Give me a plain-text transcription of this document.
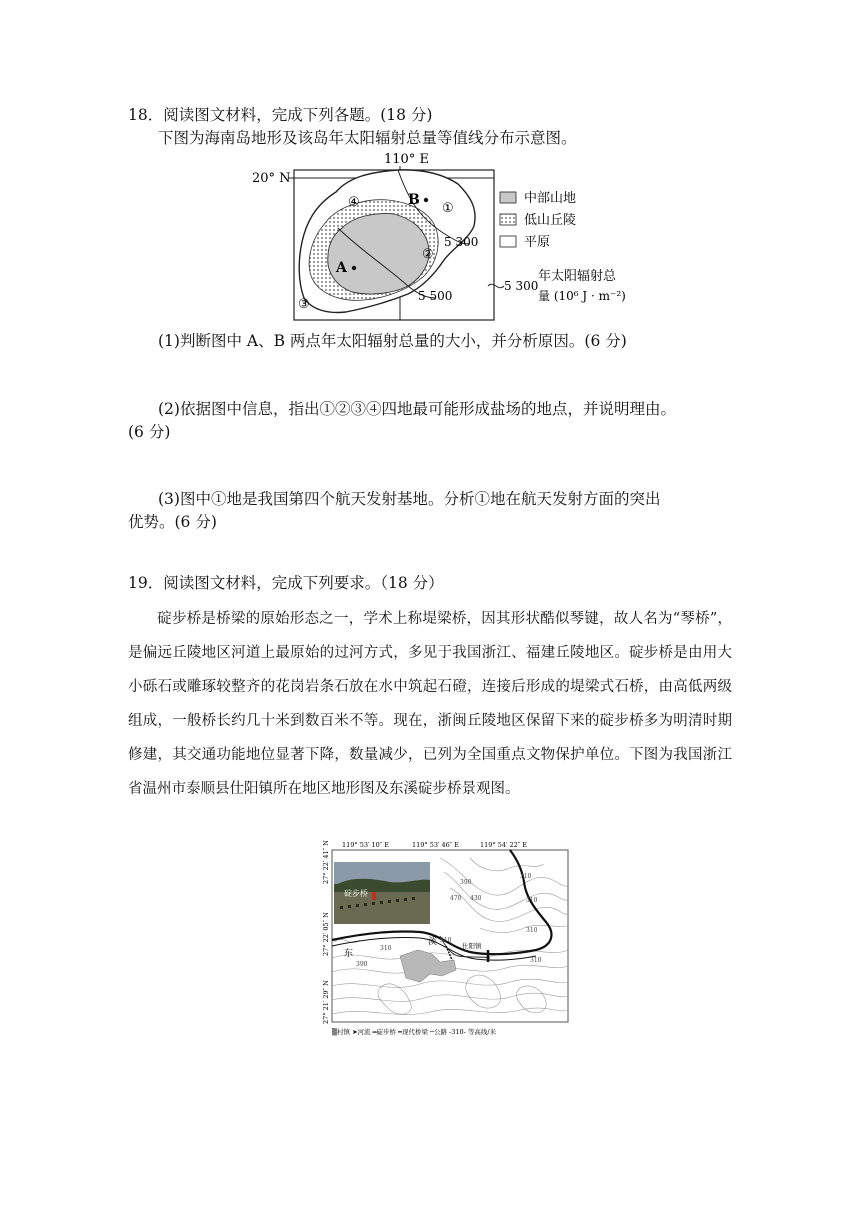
18．阅读图文材料，完成下列各题。(18 分)
下图为海南岛地形及该岛年太阳辐射总量等值线分布示意图。
110° E
20° N
A
B
①
②
③
④
5 300
5 500
中部山地
低山丘陵
平原
5 300
年太阳辐射总
量 (10⁶ J · m⁻²)
(1)判断图中 A、B 两点年太阳辐射总量的大小，并分析原因。(6 分)
(2)依据图中信息，指出①②③④四地最可能形成盐场的地点，并说明理由。
(6 分)
(3)图中①地是我国第四个航天发射基地。分析①地在航天发射方面的突出
优势。(6 分)
19．阅读图文材料，完成下列要求。（18 分）
碇步桥是桥梁的原始形态之一，学术上称堤梁桥，因其形状酷似琴键，故人名为“琴桥”，是偏远丘陵地区河道上最原始的过河方式，多见于我国浙江、福建丘陵地区。碇步桥是由用大小砾石或雕琢较整齐的花岗岩条石放在水中筑起石磴，连接后形成的堤梁式石桥，由高低两级组成，一般桥长约几十米到数百米不等。现在，浙闽丘陵地区保留下来的碇步桥多为明清时期修建，其交通功能地位显著下降，数量减少，已列为全国重点文物保护单位。下图为我国浙江省温州市泰顺县仕阳镇所在地区地形图及东溪碇步桥景观图。
碇步桥
119° 53′ 10″ E	119° 53′ 46″ E	119° 54′ 22″ E
27° 22′ 41″ N
27° 22′ 05″ N
27° 21′ 29″ N
东
溪	仕阳镇
390
470 430
310
310
390
310
310
310
310
▒村镇 ➤河流 ═碇步桥 ━现代桥梁 ─公路 -310- 等高线/米
